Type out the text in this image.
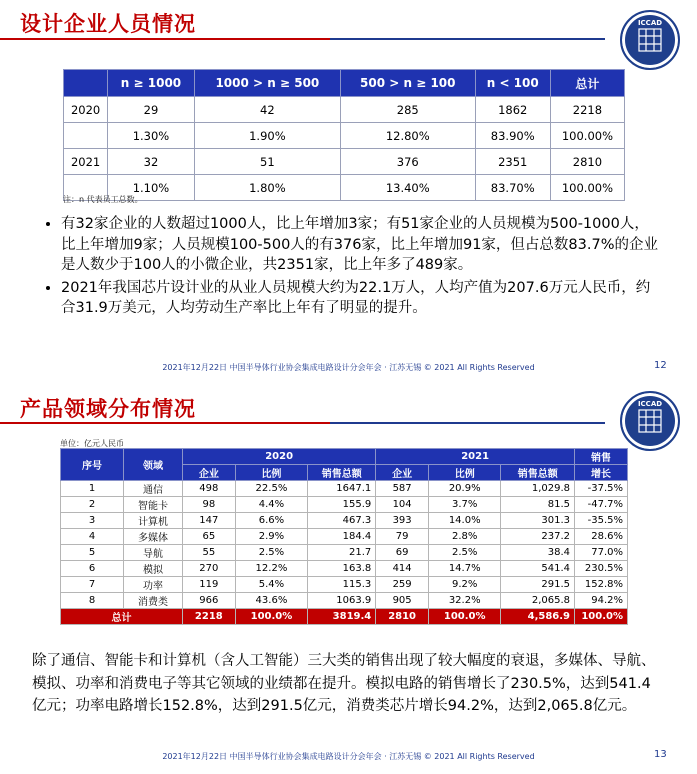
设计企业人员情况	ICCAD
	n ≥ 1000	1000 > n ≥ 500	500 > n ≥ 100	n < 100	总计
2020	29	42	285	1862	2218
	1.30%	1.90%	12.80%	83.90%	100.00%
2021	32	51	376	2351	2810
	1.10%	1.80%	13.40%	83.70%	100.00%
注：n 代表员工总数。
• 有32家企业的人数超过1000人，比上年增加3家；有51家企业的人员规模为500-1000人，比上年增加9家；人员规模100-500人的有376家，比上年增加91家，但占总数83.7%的企业是人数少于100人的小微企业，共2351家，比上年多了489家。
• 2021年我国芯片设计业的从业人员规模大约为22.1万人，人均产值为207.6万元人民币，约合31.9万美元，人均劳动生产率比上年有了明显的提升。
2021年12月22日 中国半导体行业协会集成电路设计分会年会 · 江苏无锡 © 2021 All Rights Reserved	12
产品领域分布情况	ICCAD
2021年12月22日 中国半导体行业协会集成电路设计分会年会 · 江苏无锡 © 2021 All Rights Reserved	13
单位：亿元人民币
序号	领域	2020			2021			销售
		企业	比例	销售总额	企业	比例	销售总额	增长
1	通信	498	22.5%	1647.1	587	20.9%	1,029.8	-37.5%
2	智能卡	98	4.4%	155.9	104	3.7%	81.5	-47.7%
3	计算机	147	6.6%	467.3	393	14.0%	301.3	-35.5%
4	多媒体	65	2.9%	184.4	79	2.8%	237.2	28.6%
5	导航	55	2.5%	21.7	69	2.5%	38.4	77.0%
6	模拟	270	12.2%	163.8	414	14.7%	541.4	230.5%
7	功率	119	5.4%	115.3	259	9.2%	291.5	152.8%
8	消费类	966	43.6%	1063.9	905	32.2%	2,065.8	94.2%
总计		2218	100.0%	3819.4	2810	100.0%	4,586.9	100.0%

除了通信、智能卡和计算机（含人工智能）三大类的销售出现了较大幅度的衰退，多媒体、导航、模拟、功率和消费电子等其它领域的业绩都在提升。模拟电路的销售增长了230.5%，达到541.4亿元；功率电路增长152.8%，达到291.5亿元，消费类芯片增长94.2%，达到2,065.8亿元。
